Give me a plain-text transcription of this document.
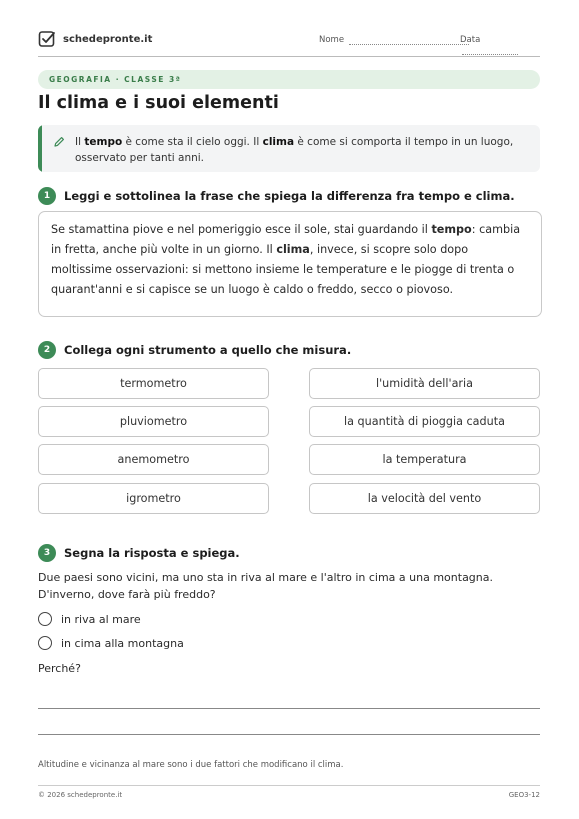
schedepronte.it	Nome	Data
GEOGRAFIA · CLASSE 3ª
Il clima e i suoi elementi
Il tempo è come sta il cielo oggi. Il clima è come si comporta il tempo in un luogo, osservato per tanti anni.
1	Leggi e sottolinea la frase che spiega la differenza fra tempo e clima.

Se stamattina piove e nel pomeriggio esce il sole, stai guardando il tempo: cambia in fretta, anche più volte in un giorno. Il clima, invece, si scopre solo dopo moltissime osservazioni: si mettono insieme le temperature e le piogge di trenta o quarant'anni e si capisce se un luogo è caldo o freddo, secco o piovoso.

2	Collega ogni strumento a quello che misura.
termometro
pluviometro
anemometro
igrometro
l'umidità dell'aria
la quantità di pioggia caduta
la temperatura
la velocità del vento
3	Segna la risposta e spiega.
Due paesi sono vicini, ma uno sta in riva al mare e l'altro in cima a una montagna. D'inverno, dove farà più freddo?
in riva al mare
in cima alla montagna
Perché?
Altitudine e vicinanza al mare sono i due fattori che modificano il clima.
© 2026 schedepronte.it	GEO3-12
